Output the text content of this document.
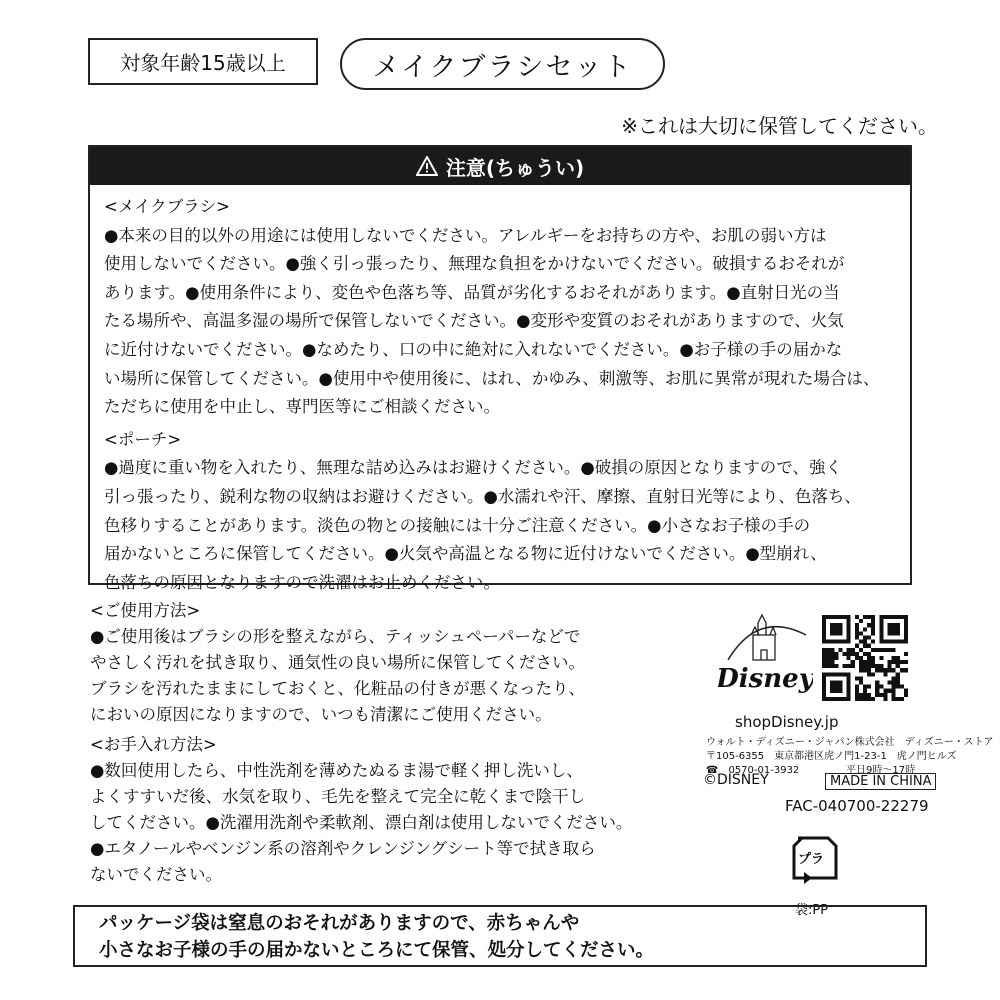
対象年齢15歳以上	メイクブラシセット
※これは大切に保管してください。
注意(ちゅうい)
<メイクブラシ>
●本来の目的以外の用途には使用しないでください。アレルギーをお持ちの方や、お肌の弱い方は
使用しないでください。●強く引っ張ったり、無理な負担をかけないでください。破損するおそれが
あります。●使用条件により、変色や色落ち等、品質が劣化するおそれがあります。●直射日光の当
たる場所や、高温多湿の場所で保管しないでください。●変形や変質のおそれがありますので、火気
に近付けないでください。●なめたり、口の中に絶対に入れないでください。●お子様の手の届かな
い場所に保管してください。●使用中や使用後に、はれ、かゆみ、刺激等、お肌に異常が現れた場合は、
ただちに使用を中止し、専門医等にご相談ください。
<ポーチ>
●過度に重い物を入れたり、無理な詰め込みはお避けください。●破損の原因となりますので、強く
引っ張ったり、鋭利な物の収納はお避けください。●水濡れや汗、摩擦、直射日光等により、色落ち、
色移りすることがあります。淡色の物との接触には十分ご注意ください。●小さなお子様の手の
届かないところに保管してください。●火気や高温となる物に近付けないでください。●型崩れ、
色落ちの原因となりますので洗濯はお止めください。
<ご使用方法>
●ご使用後はブラシの形を整えながら、ティッシュペーパーなどで
やさしく汚れを拭き取り、通気性の良い場所に保管してください。
ブラシを汚れたままにしておくと、化粧品の付きが悪くなったり、
においの原因になりますので、いつも清潔にご使用ください。
<お手入れ方法>
●数回使用したら、中性洗剤を薄めたぬるま湯で軽く押し洗いし、
よくすすいだ後、水気を取り、毛先を整えて完全に乾くまで陰干し
してください。●洗濯用洗剤や柔軟剤、漂白剤は使用しないでください。
●エタノールやベンジン系の溶剤やクレンジングシート等で拭き取ら
ないでください。
Disney
shopDisney.jp
ウォルト・ディズニー・ジャパン株式会社　ディズニー・ストア
〒105-6355　東京都港区虎ノ門1-23-1　虎ノ門ヒルズ
☎　0570-01-3932	平日9時〜17時
©DISNEY	MADE IN CHINA
FAC-040700-22279
プラ
袋:PP
パッケージ袋は窒息のおそれがありますので、赤ちゃんや
小さなお子様の手の届かないところにて保管、処分してください。
